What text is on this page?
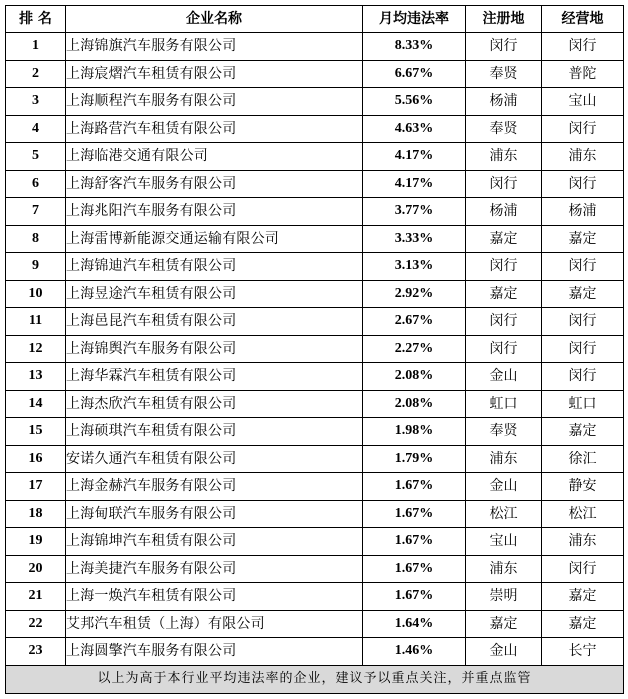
排 名	企业名称	月均违法率	注册地	经营地
1	上海锦旗汽车服务有限公司	8.33%	闵行	闵行
2	上海宸熠汽车租赁有限公司	6.67%	奉贤	普陀
3	上海顺程汽车服务有限公司	5.56%	杨浦	宝山
4	上海路营汽车租赁有限公司	4.63%	奉贤	闵行
5	上海临港交通有限公司	4.17%	浦东	浦东
6	上海舒客汽车服务有限公司	4.17%	闵行	闵行
7	上海兆阳汽车服务有限公司	3.77%	杨浦	杨浦
8	上海雷博新能源交通运输有限公司	3.33%	嘉定	嘉定
9	上海锦迪汽车租赁有限公司	3.13%	闵行	闵行
10	上海昱途汽车租赁有限公司	2.92%	嘉定	嘉定
11	上海邑昆汽车租赁有限公司	2.67%	闵行	闵行
12	上海锦舆汽车服务有限公司	2.27%	闵行	闵行
13	上海华霖汽车租赁有限公司	2.08%	金山	闵行
14	上海杰欣汽车租赁有限公司	2.08%	虹口	虹口
15	上海硕琪汽车租赁有限公司	1.98%	奉贤	嘉定
16	安诺久通汽车租赁有限公司	1.79%	浦东	徐汇
17	上海金赫汽车服务有限公司	1.67%	金山	静安
18	上海甸联汽车服务有限公司	1.67%	松江	松江
19	上海锦坤汽车租赁有限公司	1.67%	宝山	浦东
20	上海美捷汽车服务有限公司	1.67%	浦东	闵行
21	上海一焕汽车租赁有限公司	1.67%	崇明	嘉定
22	艾邦汽车租赁（上海）有限公司	1.64%	嘉定	嘉定
23	上海圆擎汽车服务有限公司	1.46%	金山	长宁
以上为高于本行业平均违法率的企业，建议予以重点关注，并重点监管				
